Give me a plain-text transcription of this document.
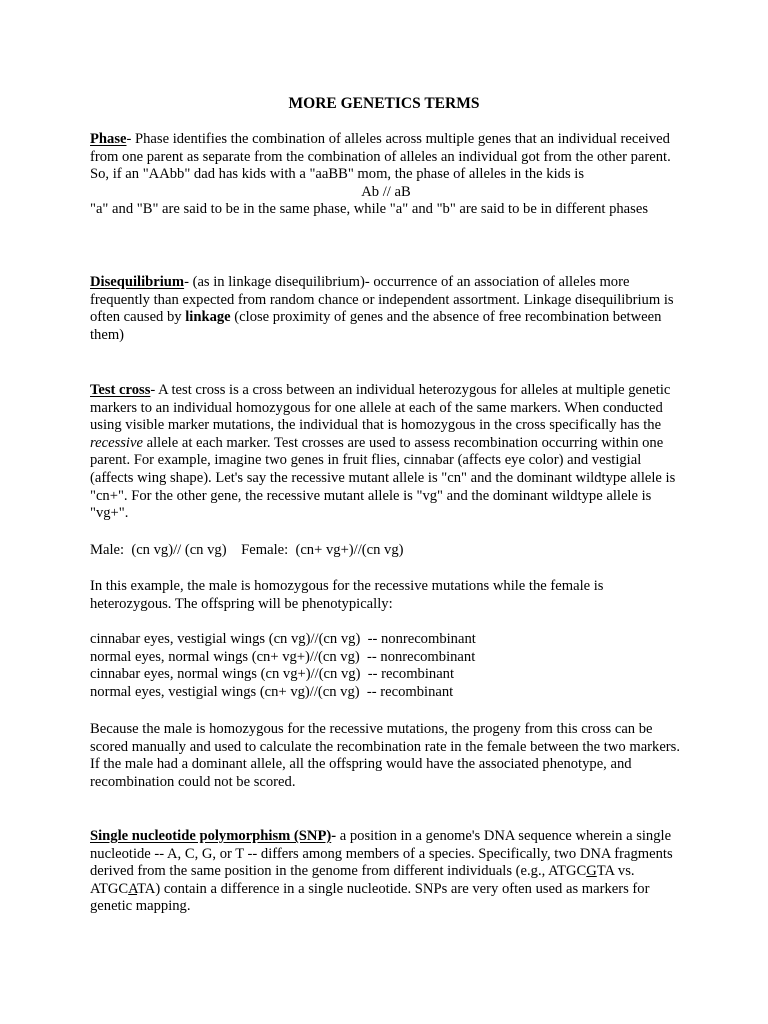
MORE GENETICS TERMS

Phase- Phase identifies the combination of alleles across multiple genes that an individual received from one parent as separate from the combination of alleles an individual got from the other parent. So, if an "AAbb" dad has kids with a "aaBB" mom, the phase of alleles in the kids is
Ab // aB
"a" and "B" are said to be in the same phase, while "a" and "b" are said to be in different phases

Disequilibrium- (as in linkage disequilibrium)- occurrence of an association of alleles more frequently than expected from random chance or independent assortment. Linkage disequilibrium is often caused by linkage (close proximity of genes and the absence of free recombination between them)

Test cross- A test cross is a cross between an individual heterozygous for alleles at multiple genetic markers to an individual homozygous for one allele at each of the same markers. When conducted using visible marker mutations, the individual that is homozygous in the cross specifically has the recessive allele at each marker. Test crosses are used to assess recombination occurring within one parent. For example, imagine two genes in fruit flies, cinnabar (affects eye color) and vestigial (affects wing shape). Let's say the recessive mutant allele is "cn" and the dominant wildtype allele is "cn+". For the other gene, the recessive mutant allele is "vg" and the dominant wildtype allele is "vg+".

Male:  (cn vg)// (cn vg)    Female:  (cn+ vg+)//(cn vg)

In this example, the male is homozygous for the recessive mutations while the female is heterozygous. The offspring will be phenotypically:

cinnabar eyes, vestigial wings (cn vg)//(cn vg)  -- nonrecombinant
normal eyes, normal wings (cn+ vg+)//(cn vg)  -- nonrecombinant
cinnabar eyes, normal wings (cn vg+)//(cn vg)  -- recombinant
normal eyes, vestigial wings (cn+ vg)//(cn vg)  -- recombinant

Because the male is homozygous for the recessive mutations, the progeny from this cross can be scored manually and used to calculate the recombination rate in the female between the two markers. If the male had a dominant allele, all the offspring would have the associated phenotype, and recombination could not be scored.

Single nucleotide polymorphism (SNP)- a position in a genome's DNA sequence wherein a single nucleotide -- A, C, G, or T -- differs among members of a species. Specifically, two DNA fragments derived from the same position in the genome from different individuals (e.g., ATGCGTA vs. ATGCATA) contain a difference in a single nucleotide. SNPs are very often used as markers for genetic mapping.
